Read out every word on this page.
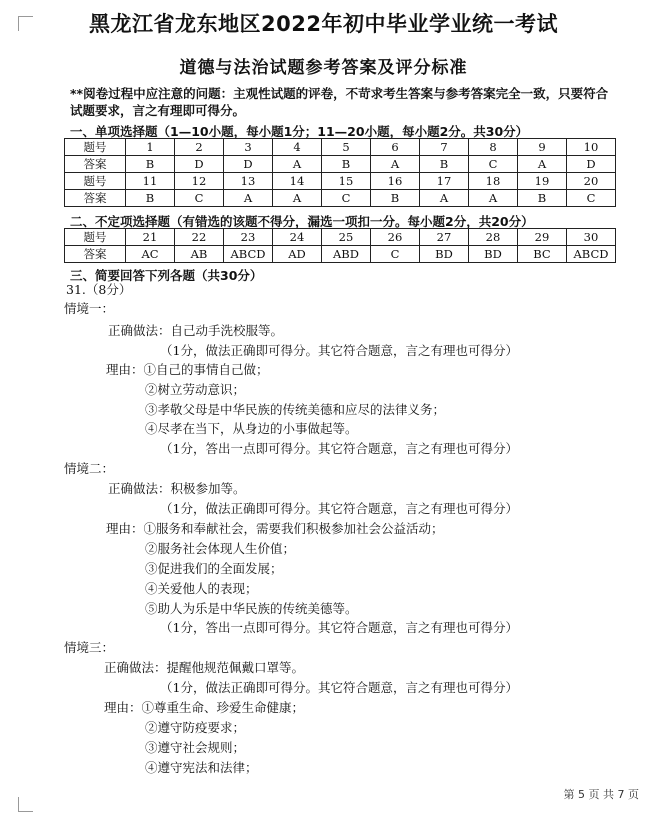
黑龙江省龙东地区2022年初中毕业学业统一考试
道德与法治试题参考答案及评分标准
**阅卷过程中应注意的问题：主观性试题的评卷，不苛求考生答案与参考答案完全一致，只要符合试题要求，言之有理即可得分。
一、单项选择题（1—10小题，每小题1分；11—20小题，每小题2分。共30分）
题号	1	2	3	4	5	6	7	8	9	10
答案	B	D	D	A	B	A	B	C	A	D
题号	11	12	13	14	15	16	17	18	19	20
答案	B	C	A	A	C	B	A	A	B	C
二、不定项选择题（有错选的该题不得分，漏选一项扣一分。每小题2分，共20分）
题号	21	22	23	24	25	26	27	28	29	30
答案	AC	AB	ABCD	AD	ABD	C	BD	BD	BC	ABCD
三、简要回答下列各题（共30分）
31.（8分）
情境一：
正确做法：自己动手洗校服等。
（1分，做法正确即可得分。其它符合题意，言之有理也可得分）
理由：①自己的事情自己做；
②树立劳动意识；
③孝敬父母是中华民族的传统美德和应尽的法律义务；
④尽孝在当下，从身边的小事做起等。
（1分，答出一点即可得分。其它符合题意，言之有理也可得分）
情境二：
正确做法：积极参加等。
（1分，做法正确即可得分。其它符合题意，言之有理也可得分）
理由：①服务和奉献社会，需要我们积极参加社会公益活动；
②服务社会体现人生价值；
③促进我们的全面发展；
④关爱他人的表现；
⑤助人为乐是中华民族的传统美德等。
（1分，答出一点即可得分。其它符合题意，言之有理也可得分）
情境三：
正确做法：提醒他规范佩戴口罩等。
（1分，做法正确即可得分。其它符合题意，言之有理也可得分）
理由：①尊重生命、珍爱生命健康；
②遵守防疫要求；
③遵守社会规则；
④遵守宪法和法律；
第 5 页 共 7 页
